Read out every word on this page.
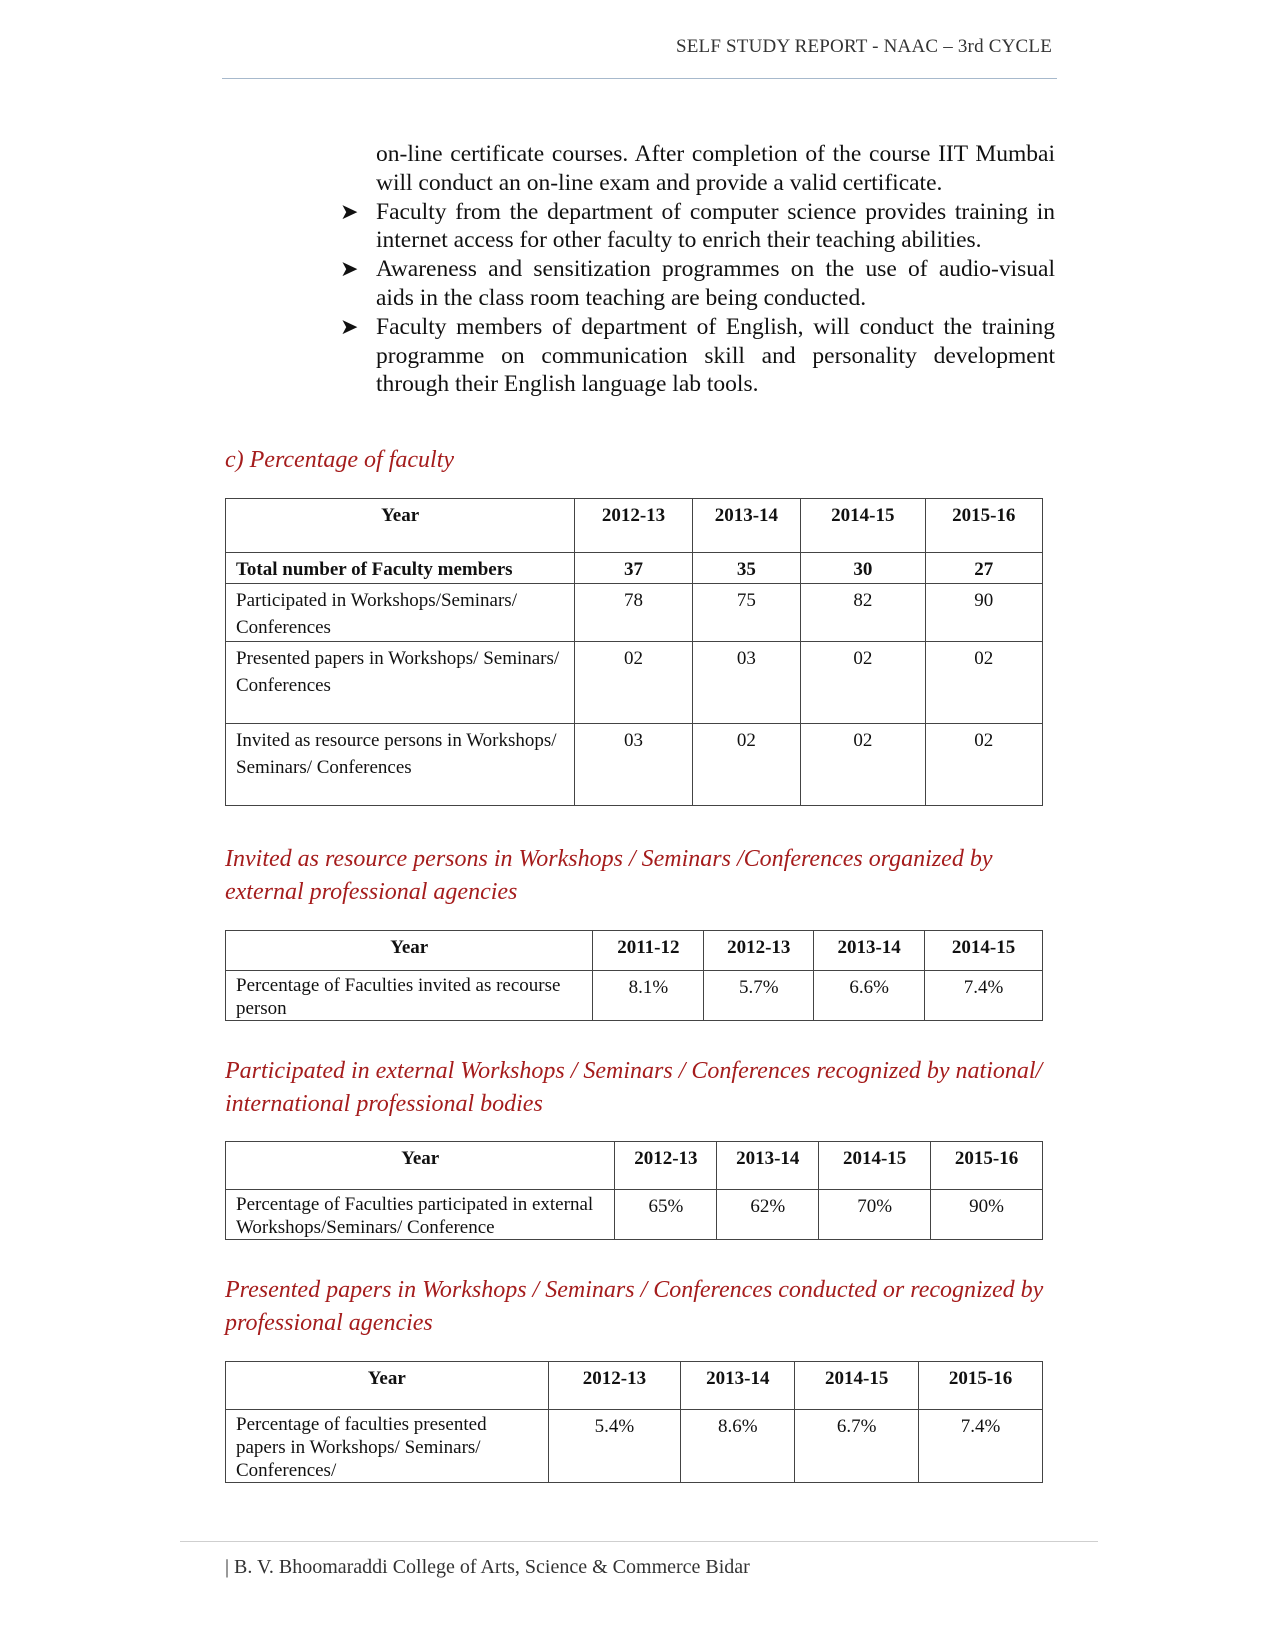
SELF STUDY REPORT - NAAC – 3rd CYCLE

on-line certificate courses. After completion of the course IIT Mumbai will conduct an on-line exam and provide a valid certificate.

➤ Faculty from the department of computer science provides training in internet access for other faculty to enrich their teaching abilities.

➤ Awareness and sensitization programmes on the use of audio-visual aids in the class room teaching are being conducted.

➤ Faculty members of department of English, will conduct the training programme on communication skill and personality development through their English language lab tools.

c) Percentage of faculty
Year	2012-13	2013-14	2014-15	2015-16
Total number of Faculty members	37	35	30	27
Participated in Workshops/Seminars/ Conferences	78	75	82	90
Presented papers in Workshops/ Seminars/ Conferences	02	03	02	02
Invited as resource persons in Workshops/ Seminars/ Conferences	03	02	02	02
Invited as resource persons in Workshops / Seminars /Conferences organized by external professional agencies
Year	2011-12	2012-13	2013-14	2014-15
Percentage of Faculties invited as recourse person	8.1%	5.7%	6.6%	7.4%
Participated in external Workshops / Seminars / Conferences recognized by national/ international professional bodies
Year	2012-13	2013-14	2014-15	2015-16
Percentage of Faculties participated in external Workshops/Seminars/ Conference	65%	62%	70%	90%
Presented papers in Workshops / Seminars / Conferences conducted or recognized by professional agencies
Year	2012-13	2013-14	2014-15	2015-16
Percentage of faculties presented papers in Workshops/ Seminars/ Conferences/	5.4%	8.6%	6.7%	7.4%
| B. V. Bhoomaraddi College of Arts, Science & Commerce Bidar
